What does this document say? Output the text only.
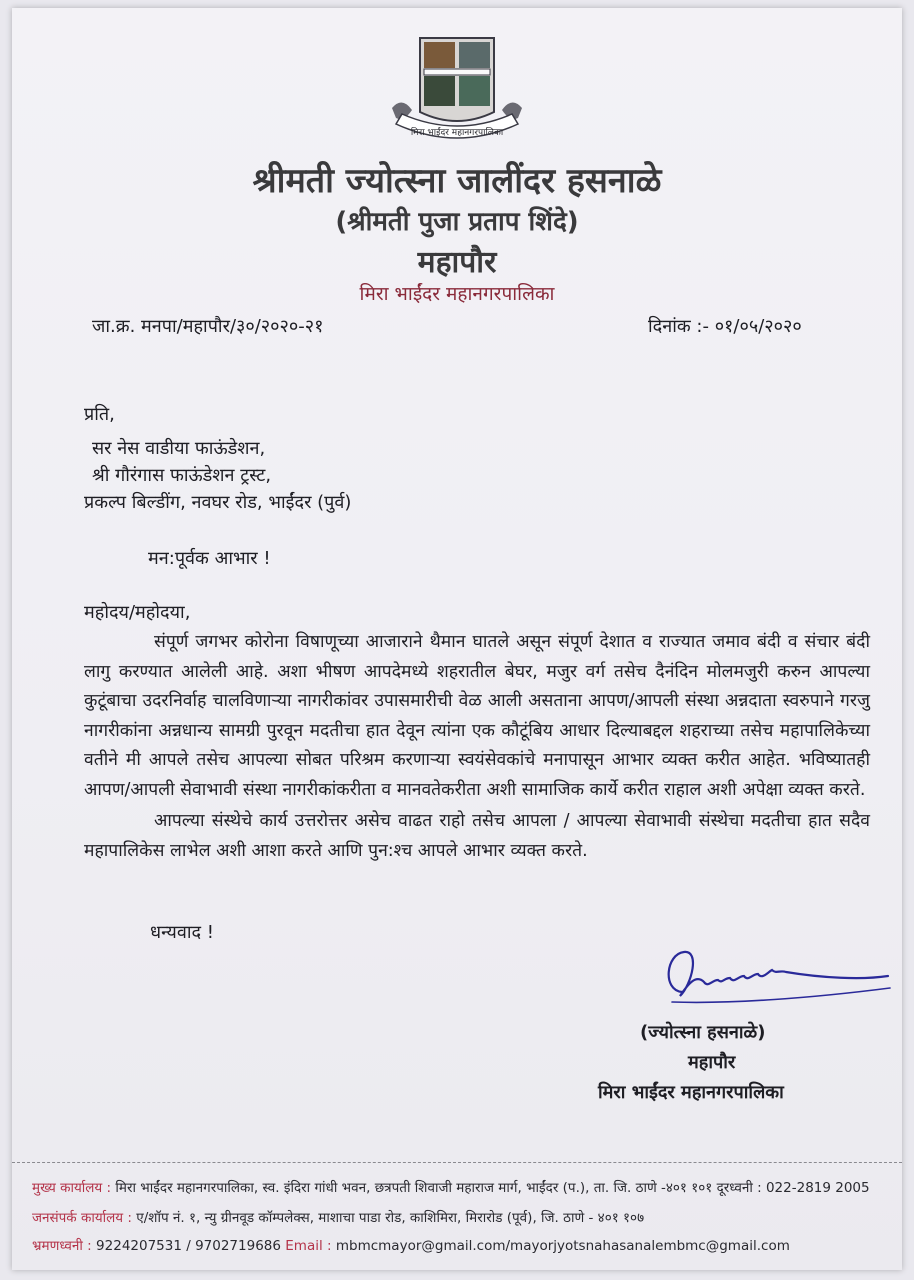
मिरा भाईंदर महानगरपालिका
श्रीमती ज्योत्स्ना जालींदर हसनाळे
(श्रीमती पुजा प्रताप शिंदे)
महापौर
मिरा भाईंदर महानगरपालिका
जा.क्र. मनपा/महापौर/३०/२०२०-२१	दिनांक :- ०१/०५/२०२०
प्रति,
सर नेस वाडीया फाऊंडेशन,
श्री गौरंगास फाऊंडेशन ट्रस्ट,
प्रकल्प बिल्डींग, नवघर रोड, भाईंदर (पुर्व)
मन:पूर्वक आभार !
महोदय/महोदया,

संपूर्ण जगभर कोरोना विषाणूच्या आजाराने थैमान घातले असून संपूर्ण देशात व राज्यात जमाव बंदी व संचार बंदी लागु करण्यात आलेली आहे. अशा भीषण आपदेमध्ये शहरातील बेघर, मजुर वर्ग तसेच दैनंदिन मोलमजुरी करुन आपल्या कुटूंबाचा उदरनिर्वाह चालविणाऱ्या नागरीकांवर उपासमारीची वेळ आली असताना आपण/आपली संस्था अन्नदाता स्वरुपाने गरजु नागरीकांना अन्नधान्य सामग्री पुरवून मदतीचा हात देवून त्यांना एक कौटूंबिय आधार दिल्याबद्दल शहराच्या तसेच महापालिकेच्या वतीने मी आपले तसेच आपल्या सोबत परिश्रम करणाऱ्या स्वयंसेवकांचे मनापासून आभार व्यक्त करीत आहेत. भविष्यातही आपण/आपली सेवाभावी संस्था नागरीकांकरीता व मानवतेकरीता अशी सामाजिक कार्ये करीत राहाल अशी अपेक्षा व्यक्त करते.

आपल्या संस्थेचे कार्य उत्तरोत्तर असेच वाढत राहो तसेच आपला / आपल्या सेवाभावी संस्थेचा मदतीचा हात सदैव महापालिकेस लाभेल अशी आशा करते आणि पुन:श्च आपले आभार व्यक्त करते.

धन्यवाद !
(ज्योत्स्ना हसनाळे)
महापौर
मिरा भाईंदर महानगरपालिका
मुख्य कार्यालय : मिरा भाईंदर महानगरपालिका, स्व. इंदिरा गांधी भवन, छत्रपती शिवाजी महाराज मार्ग, भाईंदर (प.), ता. जि. ठाणे -४०१ १०१ दूरध्वनी : 022-2819 2005
जनसंपर्क कार्यालय : ए/शॉप नं. १, न्यु ग्रीनवूड कॉम्पलेक्स, माशाचा पाडा रोड, काशिमिरा, मिरारोड (पूर्व), जि. ठाणे - ४०१ १०७
भ्रमणध्वनी : 9224207531 / 9702719686 Email : mbmcmayor@gmail.com/mayorjyotsnahasanalembmc@gmail.com
